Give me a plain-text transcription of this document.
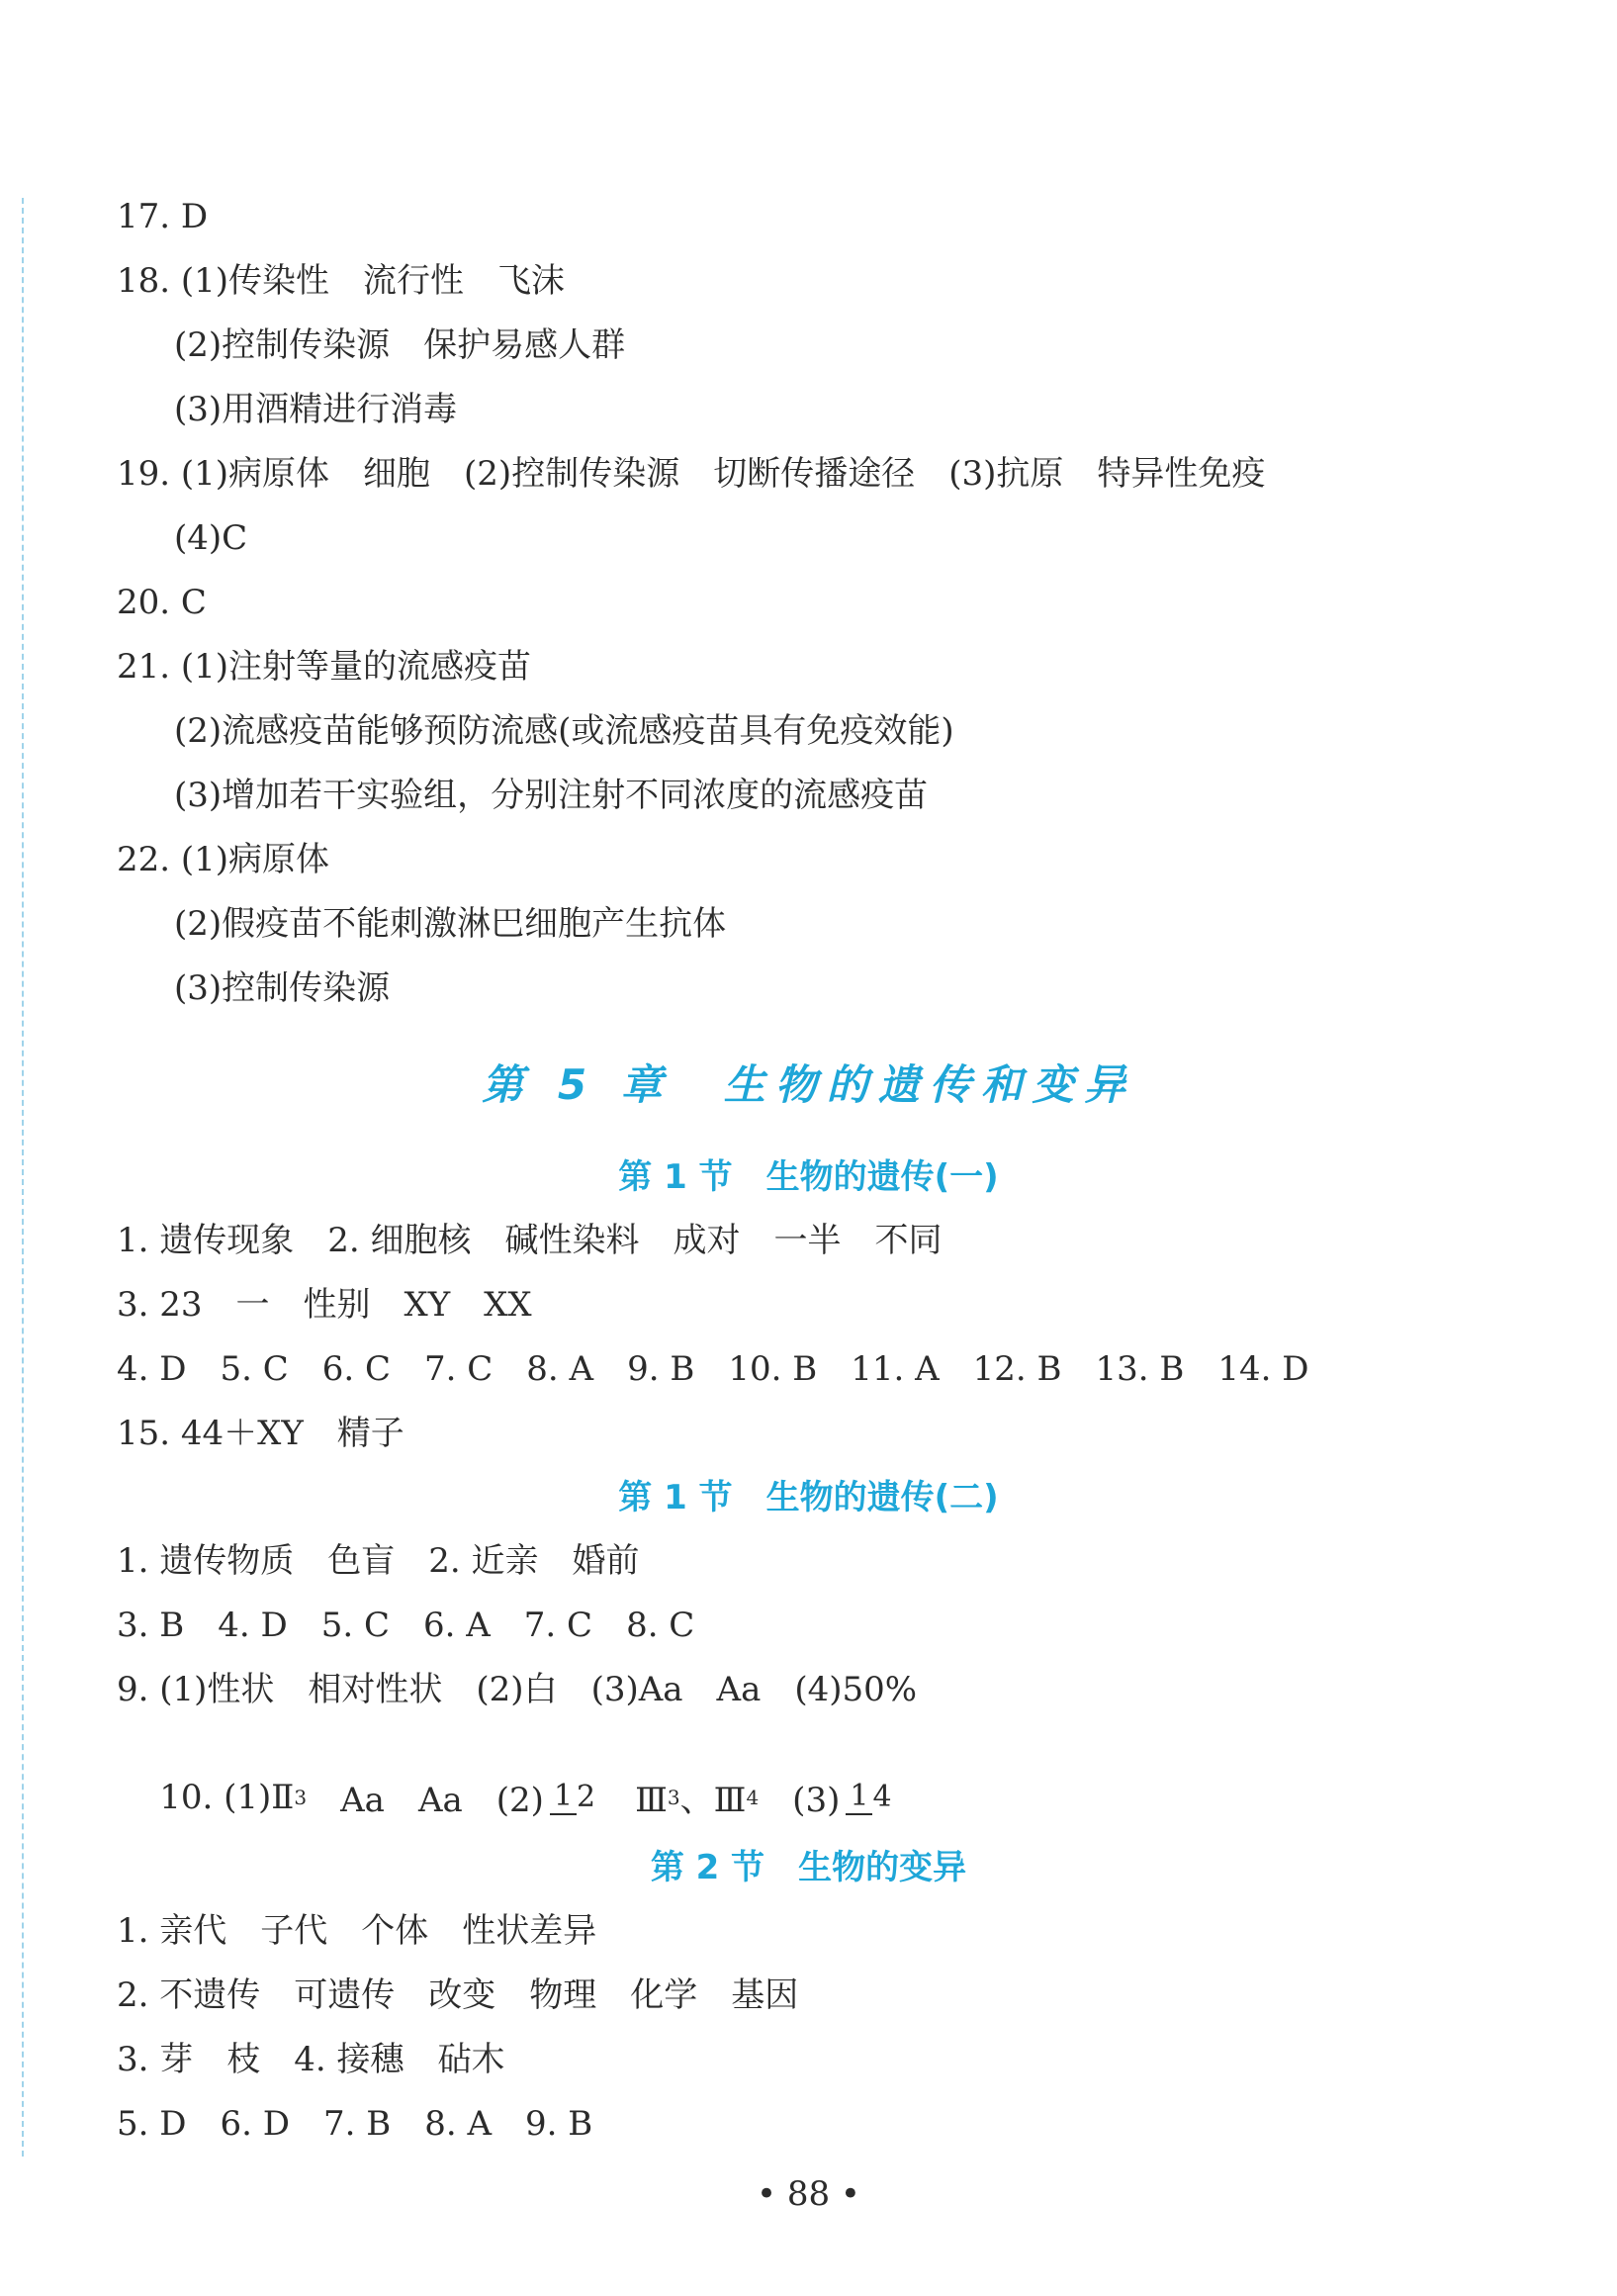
17. D
18. (1)传染性　流行性　飞沫
(2)控制传染源　保护易感人群
(3)用酒精进行消毒
19. (1)病原体　细胞　(2)控制传染源　切断传播途径　(3)抗原　特异性免疫
(4)C
20. C
21. (1)注射等量的流感疫苗
(2)流感疫苗能够预防流感(或流感疫苗具有免疫效能)
(3)增加若干实验组，分别注射不同浓度的流感疫苗
22. (1)病原体
(2)假疫苗不能刺激淋巴细胞产生抗体
(3)控制传染源
第 5 章　生物的遗传和变异
第 1 节　生物的遗传(一)
1. 遗传现象　2. 细胞核　碱性染料　成对　一半　不同
3. 23　一　性别　XY　XX
4. D　5. C　6. C　7. C　8. A　9. B　10. B　11. A　12. B　13. B　14. D
15. 44＋XY　精子
第 1 节　生物的遗传(二)
1. 遗传物质　色盲　2. 近亲　婚前
3. B　4. D　5. C　6. A　7. C　8. C
9. (1)性状　相对性状　(2)白　(3)Aa　Aa　(4)50%

10. (1)Ⅱ3　Aa　Aa　(2) 1 2　Ⅲ3、Ⅲ4　(3) 1 4

第 2 节　生物的变异
1. 亲代　子代　个体　性状差异
2. 不遗传　可遗传　改变　物理　化学　基因
3. 芽　枝　4. 接穗　砧木
5. D　6. D　7. B　8. A　9. B
• 88 •
